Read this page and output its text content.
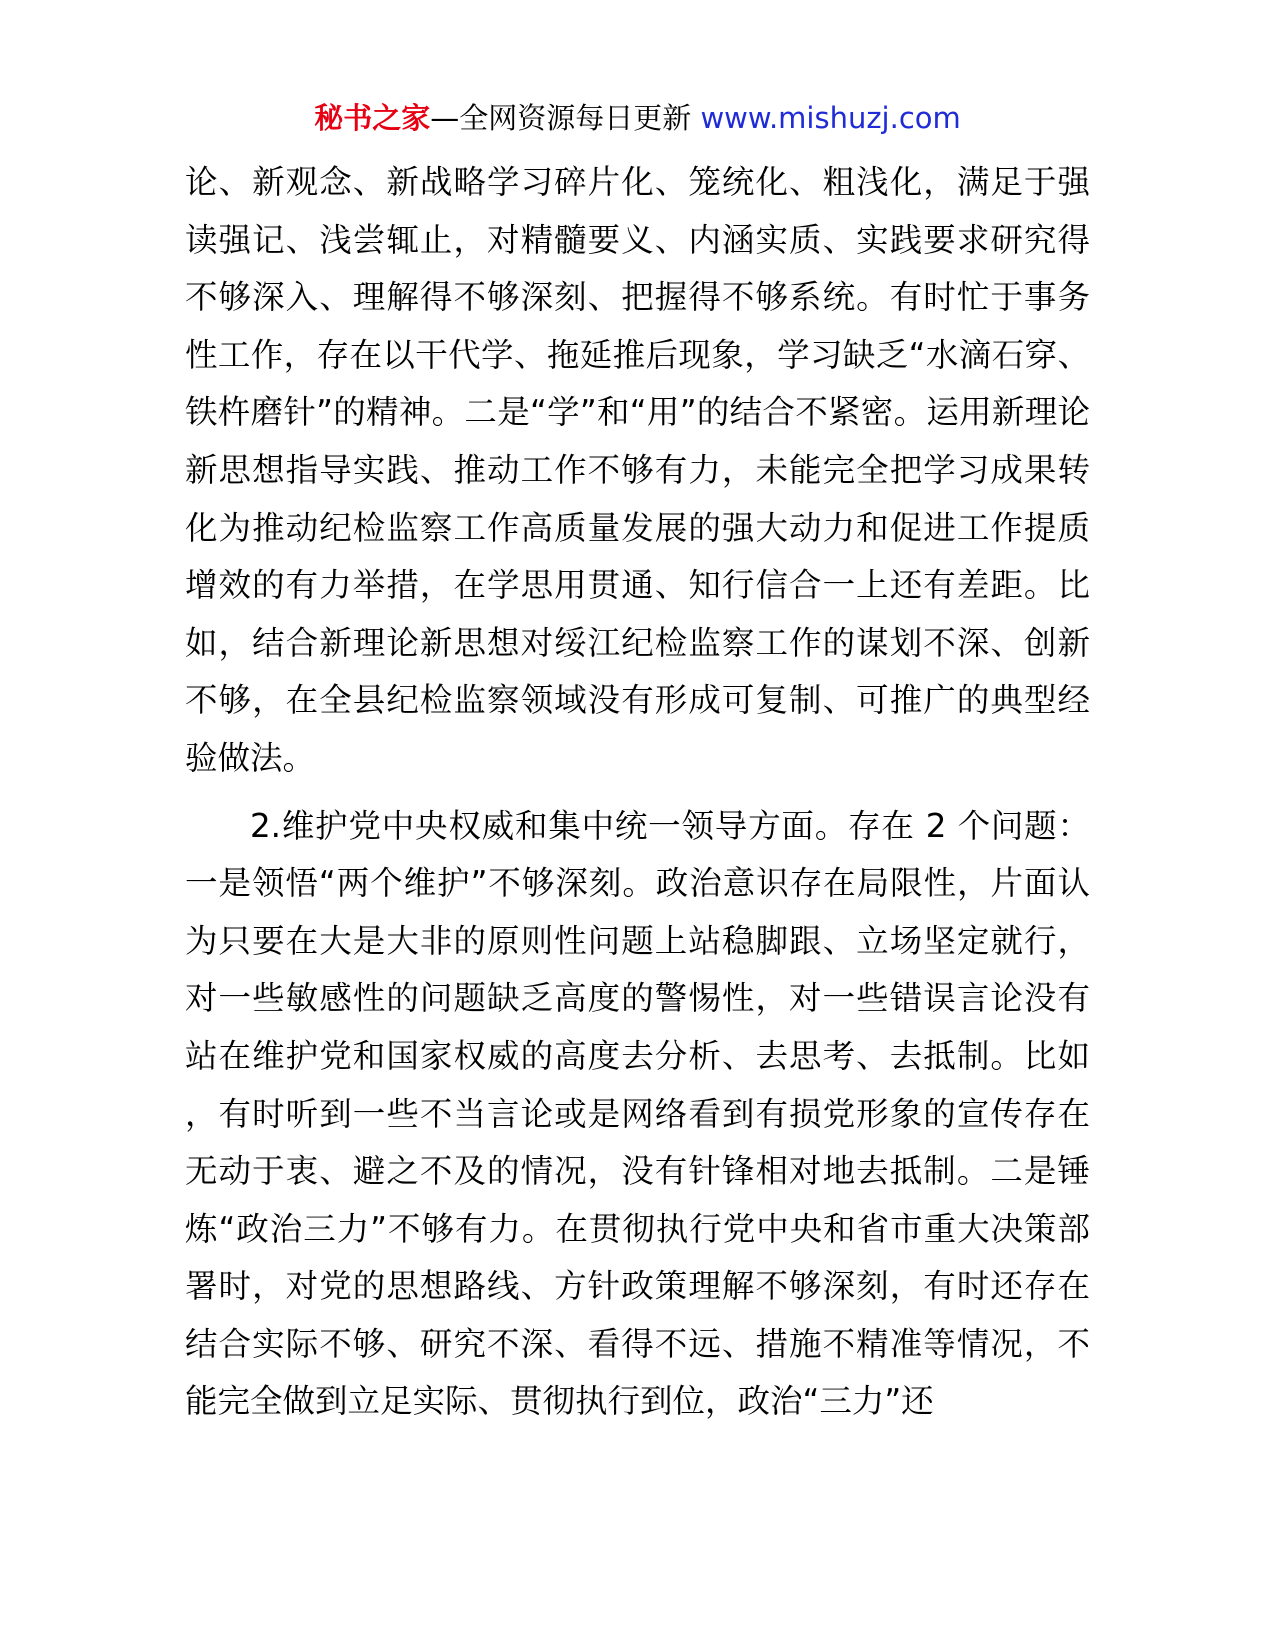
秘书之家—全网资源每日更新 www.mishuzj.com

论、新观念、新战略学习碎片化、笼统化、粗浅化，满足于强读强记、浅尝辄止，对精髓要义、内涵实质、实践要求研究得不够深入、理解得不够深刻、把握得不够系统。有时忙于事务性工作，存在以干代学、拖延推后现象，学习缺乏“水滴石穿、铁杵磨针”的精神。二是“学”和“用”的结合不紧密。运用新理论新思想指导实践、推动工作不够有力，未能完全把学习成果转化为推动纪检监察工作高质量发展的强大动力和促进工作提质增效的有力举措，在学思用贯通、知行信合一上还有差距。比如，结合新理论新思想对绥江纪检监察工作的谋划不深、创新不够，在全县纪检监察领域没有形成可复制、可推广的典型经验做法。

2.维护党中央权威和集中统一领导方面。存在 2 个问题：一是领悟“两个维护”不够深刻。政治意识存在局限性，片面认为只要在大是大非的原则性问题上站稳脚跟、立场坚定就行，对一些敏感性的问题缺乏高度的警惕性，对一些错误言论没有站在维护党和国家权威的高度去分析、去思考、去抵制。比如，有时听到一些不当言论或是网络看到有损党形象的宣传存在无动于衷、避之不及的情况，没有针锋相对地去抵制。二是锤炼“政治三力”不够有力。在贯彻执行党中央和省市重大决策部署时，对党的思想路线、方针政策理解不够深刻，有时还存在结合实际不够、研究不深、看得不远、措施不精准等情况，不能完全做到立足实际、贯彻执行到位，政治“三力”还
